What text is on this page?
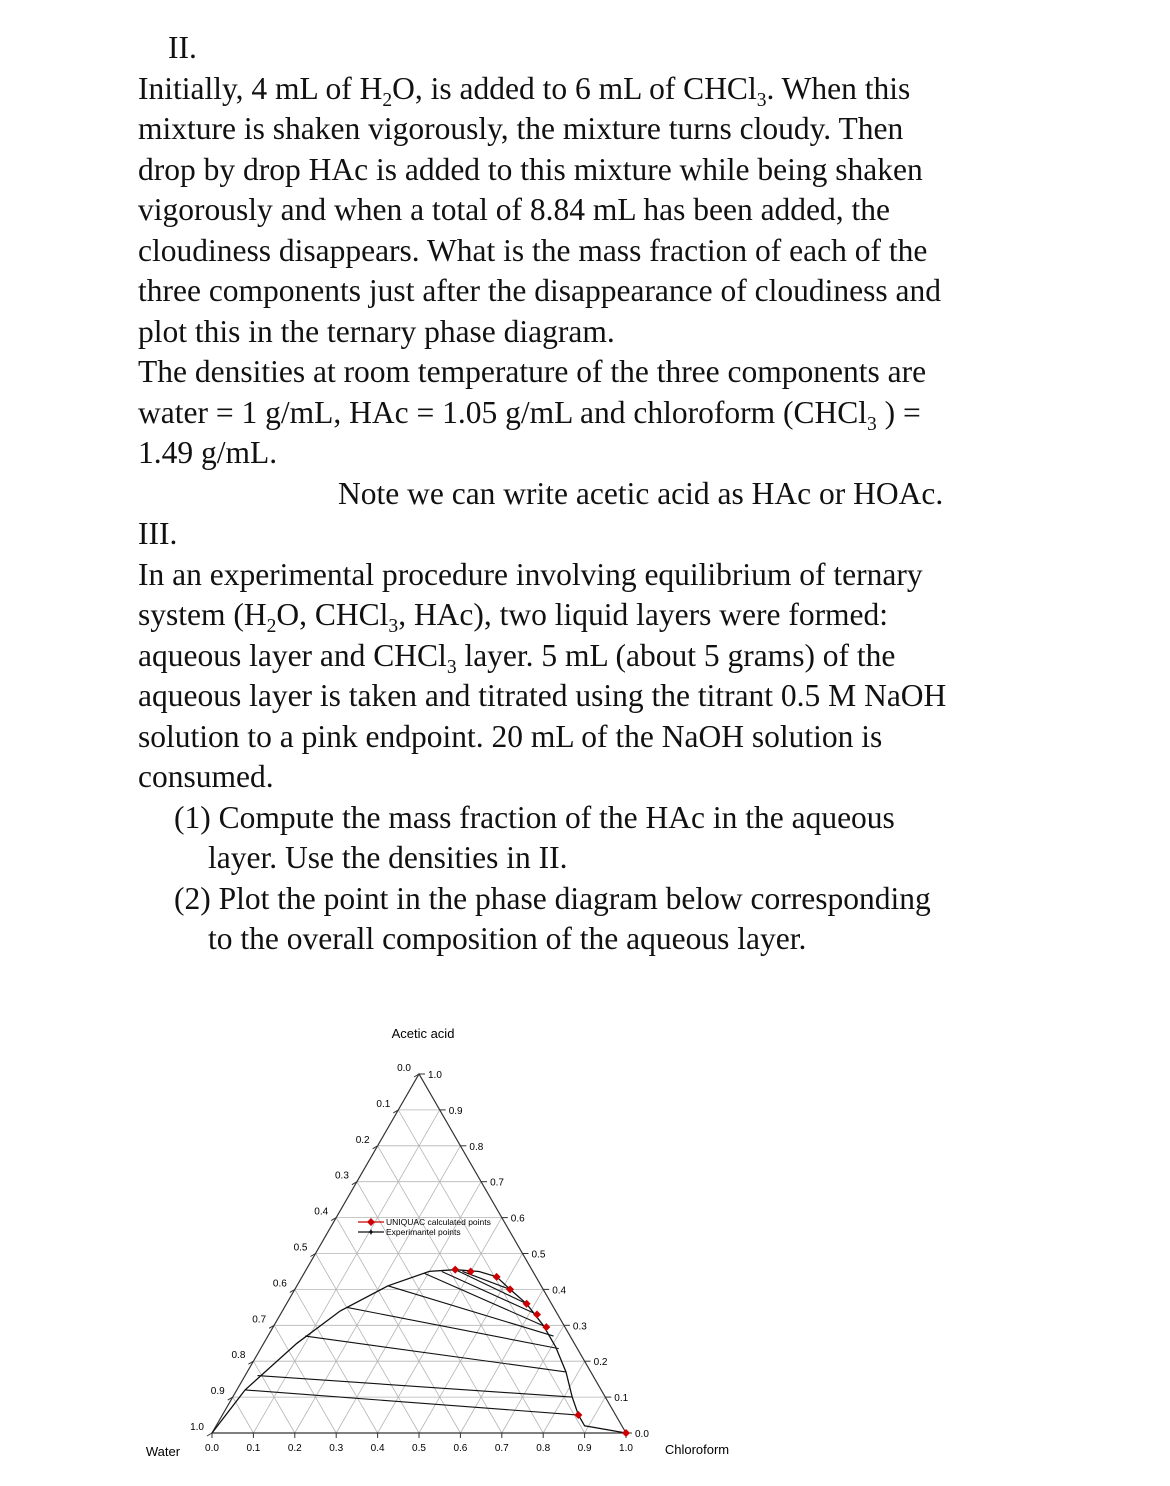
II.

Initially, 4 mL of $H_2O$, is added to 6 mL of CHCl$_3$. When this

mixture is shaken vigorously, the mixture turns cloudy. Then

drop by drop HAc is added to this mixture while being shaken

vigorously and when a total of 8.84 mL has been added, the

cloudiness disappears. What is the mass fraction of each of the

three components just after the disappearance of cloudiness and

plot this in the ternary phase diagram.

The densities at room temperature of the three components are

water = 1 g/mL, HAc = 1.05 g/mL and chloroform (CHCl$_3$ ) =

1.49 g/mL.

Note we can write acetic acid as HAc or HOAc.

III.

In an experimental procedure involving equilibrium of ternary

system ($H_2O$, CHCl$_3$, HAc), two liquid layers were formed:

aqueous layer and CHCl$_3$ layer. 5 mL (about 5 grams) of the

aqueous layer is taken and titrated using the titrant 0.5 M NaOH

solution to a pink endpoint. 20 mL of the NaOH solution is

consumed.

(1) Compute the mass fraction of the HAc in the aqueous

layer. Use the densities in II.

(2) Plot the point in the phase diagram below corresponding

to the overall composition of the aqueous layer.

Acetic acid
Water	Chloroform
0.0	0.1	0.2	0.3	0.4	0.5	0.6	0.7	0.8	0.9	1.0
0.0
0.1
0.2
0.3
0.4
0.5
0.6
0.7
0.8
0.9
1.0
1.0
0.9
0.8
0.7
0.6
0.5
0.4
0.3
0.2
0.1
0.0
UNIQUAC calculated points
Experimantel points
